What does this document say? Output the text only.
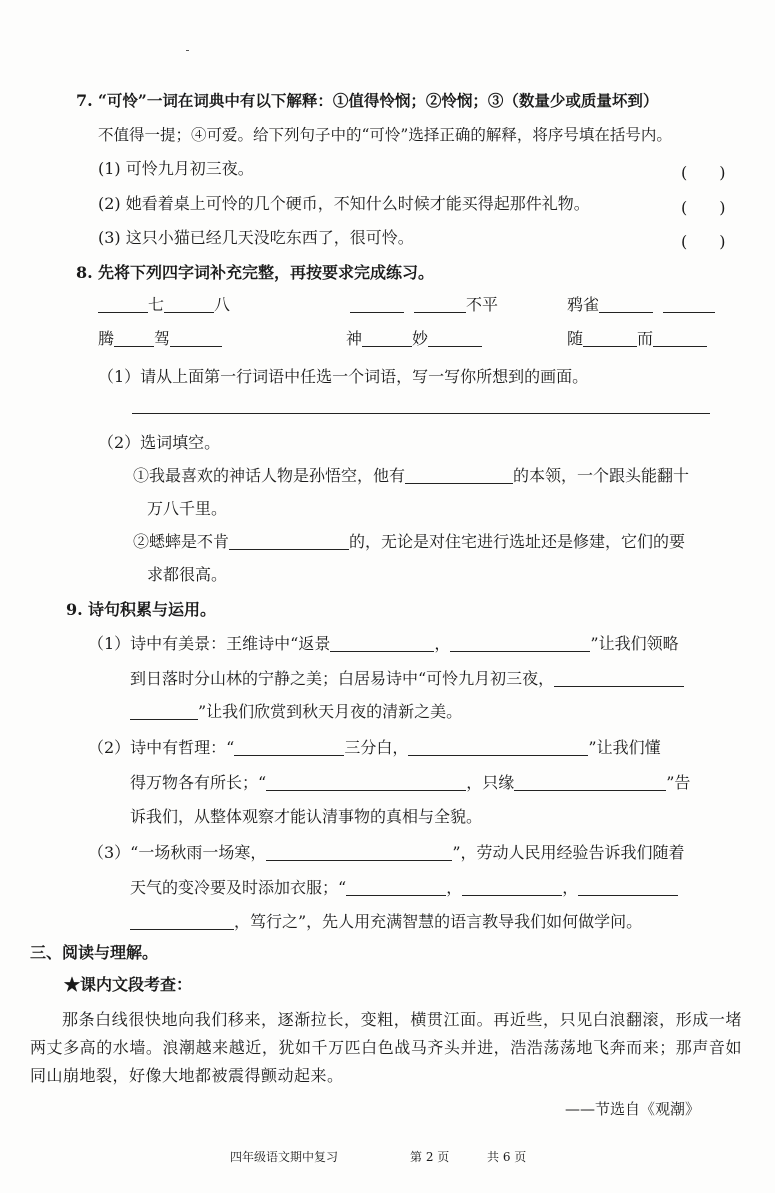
7. “可怜”一词在词典中有以下解释：①值得怜悯；②怜悯；③（数量少或质量坏到）
不值得一提；④可爱。给下列句子中的“可怜”选择正确的解释，将序号填在括号内。
(1) 可怜九月初三夜。	(　　)
(2) 她看着桌上可怜的几个硬币，不知什么时候才能买得起那件礼物。	(　　)
(3) 这只小猫已经几天没吃东西了，很可怜。	(　　)
8. 先将下列四字词补充完整，再按要求完成练习。
七	八	不平	鸦雀
腾	驾	神	妙	随	而
（1）请从上面第一行词语中任选一个词语，写一写你所想到的画面。
（2）选词填空。
①我最喜欢的神话人物是孙悟空，他有	的本领，一个跟头能翻十
万八千里。
②蟋蟀是不肯	的，无论是对住宅进行选址还是修建，它们的要
求都很高。
9. 诗句积累与运用。
（1）诗中有美景：王维诗中“返景	，	”让我们领略
到日落时分山林的宁静之美；白居易诗中“可怜九月初三夜，
”让我们欣赏到秋天月夜的清新之美。
（2）诗中有哲理：“	三分白，	”让我们懂
得万物各有所长；“	，只缘	”告
诉我们，从整体观察才能认清事物的真相与全貌。
（3）“一场秋雨一场寒，	”，劳动人民用经验告诉我们随着
天气的变冷要及时添加衣服；“	，	，
，笃行之”，先人用充满智慧的语言教导我们如何做学问。
三、阅读与理解。
★课内文段考查：
那条白线很快地向我们移来，逐渐拉长，变粗，横贯江面。再近些，只见白浪翻滚，形成一堵两丈多高的水墙。浪潮越来越近，犹如千万匹白色战马齐头并进，浩浩荡荡地飞奔而来；那声音如同山崩地裂，好像大地都被震得颤动起来。
——节选自《观潮》
四年级语文期中复习	第 2 页	共 6 页
